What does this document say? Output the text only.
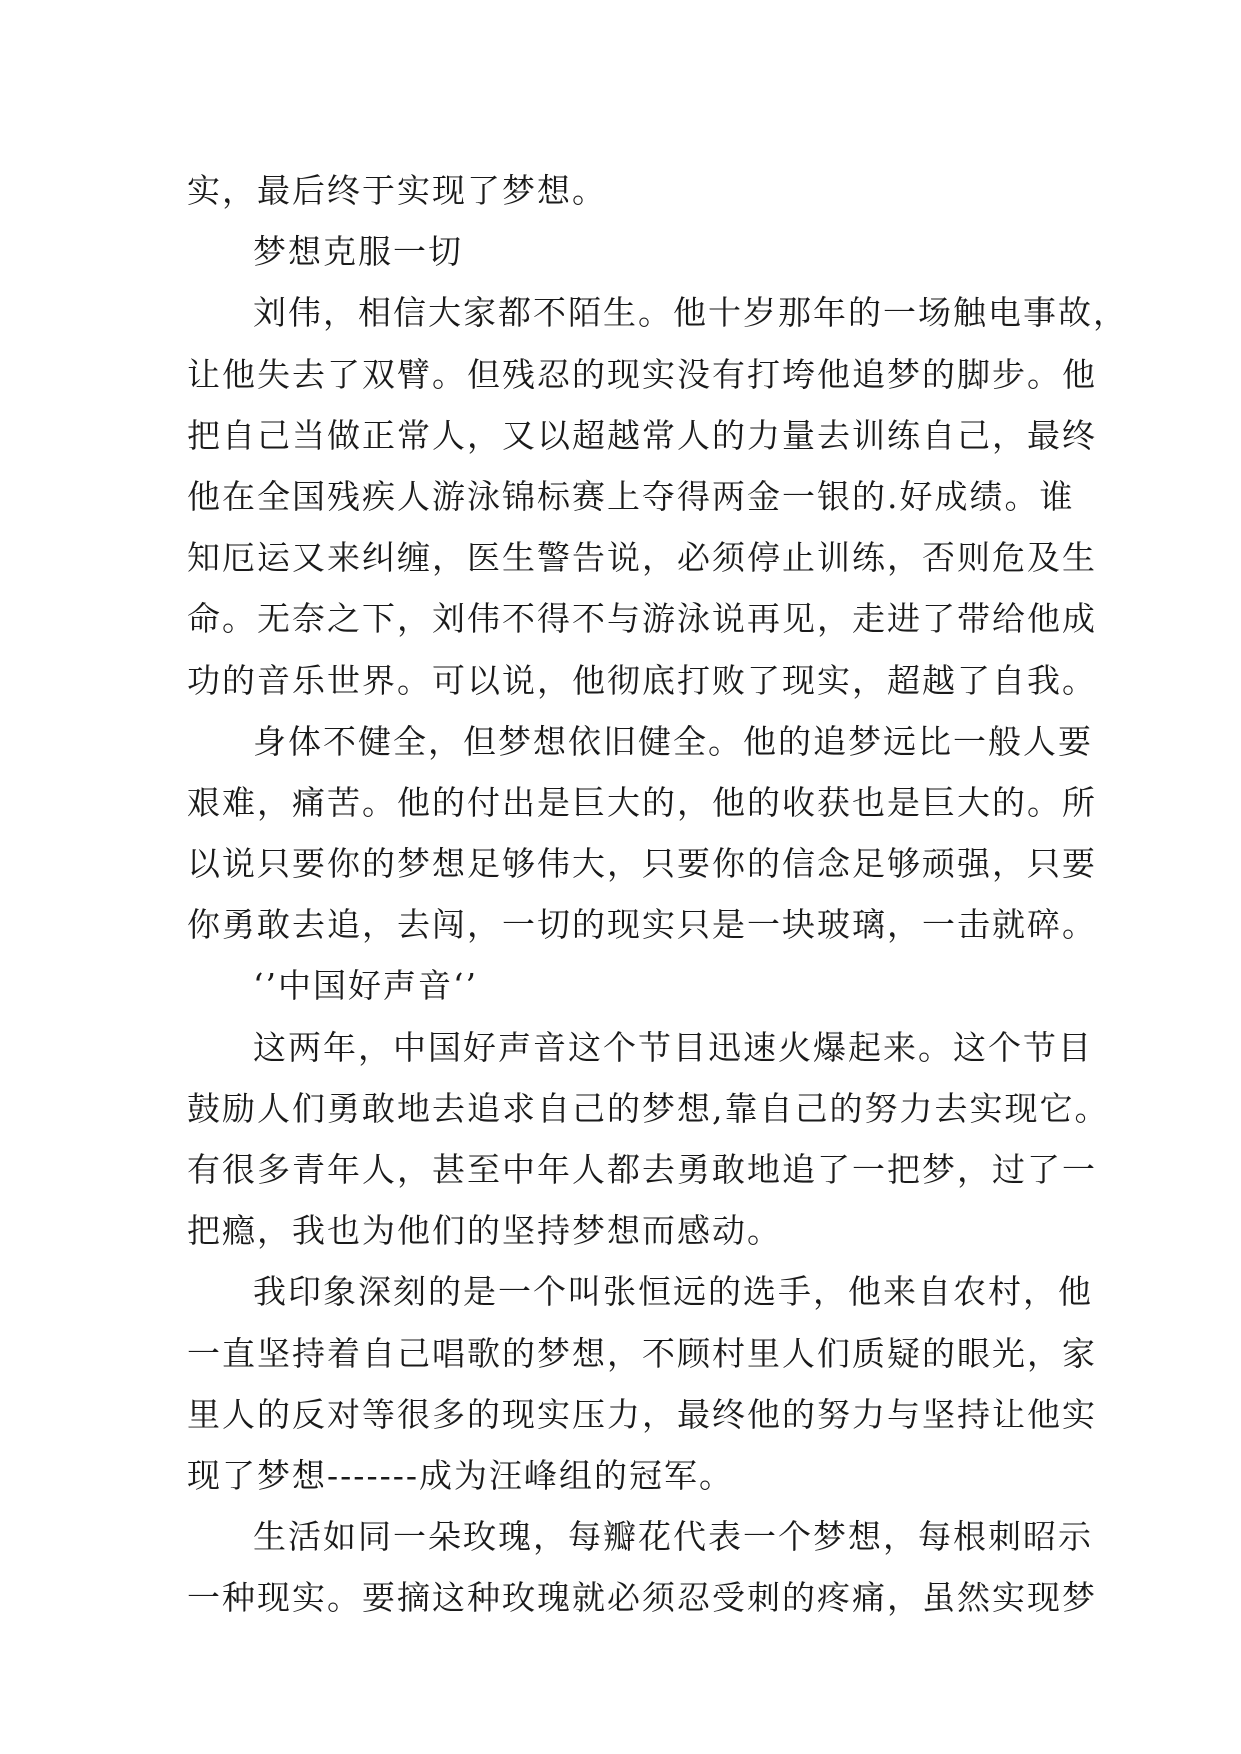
实，最后终于实现了梦想。
梦想克服一切
刘伟，相信大家都不陌生。他十岁那年的一场触电事故，
让他失去了双臂。但残忍的现实没有打垮他追梦的脚步。他
把自己当做正常人，又以超越常人的力量去训练自己，最终
他在全国残疾人游泳锦标赛上夺得两金一银的.好成绩。谁
知厄运又来纠缠，医生警告说，必须停止训练，否则危及生
命。无奈之下，刘伟不得不与游泳说再见，走进了带给他成
功的音乐世界。可以说，他彻底打败了现实，超越了自我。
身体不健全，但梦想依旧健全。他的追梦远比一般人要
艰难，痛苦。他的付出是巨大的，他的收获也是巨大的。所
以说只要你的梦想足够伟大，只要你的信念足够顽强，只要
你勇敢去追，去闯，一切的现实只是一块玻璃，一击就碎。
‘’中国好声音‘’
这两年，中国好声音这个节目迅速火爆起来。这个节目
鼓励人们勇敢地去追求自己的梦想,靠自己的努力去实现它。
有很多青年人，甚至中年人都去勇敢地追了一把梦，过了一
把瘾，我也为他们的坚持梦想而感动。
我印象深刻的是一个叫张恒远的选手，他来自农村，他
一直坚持着自己唱歌的梦想，不顾村里人们质疑的眼光，家
里人的反对等很多的现实压力，最终他的努力与坚持让他实
现了梦想-------成为汪峰组的冠军。
生活如同一朵玫瑰，每瓣花代表一个梦想，每根刺昭示
一种现实。要摘这种玫瑰就必须忍受刺的疼痛，虽然实现梦
